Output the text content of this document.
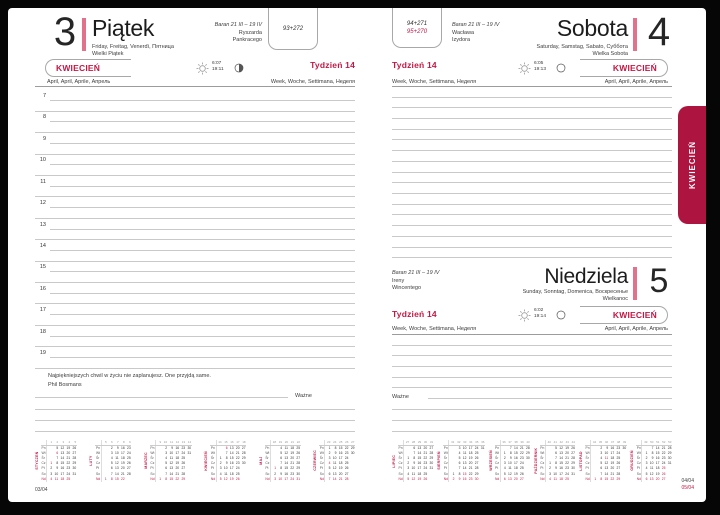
3 Piątek
Friday, Freitag, Venerdì, Пятница
Wielki Piątek
Baran 21 III – 19 IV
Ryszarda
Pankracego
93+272
KWIECIEŃ
April, April, Aprile, Апрель
6:07
19:11	Tydzień 14
Week, Woche, Settimana, Неделя
Najpiękniejszych chwil w życiu nie zaplanujesz. One przyjdą same.
Phil Bosmans
Ważne
STYCZEŃ
	1	2	3	4	5
Pn		5	12	19	26
Wt		6	13	20	27
Śr		7	14	21	28
Cz	1	8	15	22	29
Pt	2	9	16	23	30
So	3	10	17	24	31
Nd	4	11	18	25	
LUTY
	5	6	7	8	9
Pn		2	9	16	23
Wt		3	10	17	24
Śr		4	11	18	25
Cz		5	12	19	26
Pt		6	13	20	27
So		7	14	21	28
Nd	1	8	15	22	
MARZEC
	9	10	11	12	13	14
Pn		2	9	16	23	30
Wt		3	10	17	24	31
Śr		4	11	18	25	
Cz		5	12	19	26	
Pt		6	13	20	27	
So		7	14	21	28	
Nd	1	8	15	22	29	
KWIECIEŃ
	14	15	16	17	18
Pn		6	13	20	27
Wt		7	14	21	28
Śr	1	8	15	22	29
Cz	2	9	16	23	30
Pt	3	10	17	24	
So	4	11	18	25	
Nd	5	12	19	26	
MAJ
	18	19	20	21	22
Pn		4	11	18	25
Wt		5	12	19	26
Śr		6	13	20	27
Cz		7	14	21	28
Pt	1	8	15	22	29
So	2	9	16	23	30
Nd	3	10	17	24	31
CZERWIEC
	23	24	25	26	27
Pn	1	8	15	22	29
Wt	2	9	16	23	30
Śr	3	10	17	24	
Cz	4	11	18	25	
Pt	5	12	19	26	
So	6	13	20	27	
Nd	7	14	21	28	
03/04
94+271
95+270
Baran 21 III – 19 IV
Wacława
Izydora	Sobota
Saturday, Samstag, Sabato, Суббота
Wielka Sobota 4
Tydzień 14
Week, Woche, Settimana, Неделя
6:05
19:13	KWIECIEŃ
April, April, Aprile, Апрель
Baran 21 III – 19 IV
Ireny
Wincentego	Niedziela
Sunday, Sonntag, Domenica, Воскресенье
Wielkanoc 5
Tydzień 14
Week, Woche, Settimana, Неделя
6:02
19:14	KWIECIEŃ
April, April, Aprile, Апрель
Ważne
LIPIEC
	27	28	29	30	31
Pn		6	13	20	27
Wt		7	14	21	28
Śr	1	8	15	22	29
Cz	2	9	16	23	30
Pt	3	10	17	24	31
So	4	11	18	25	
Nd	5	12	19	26	
SIERPIEŃ
	31	32	33	34	35	36
Pn		3	10	17	24	31
Wt		4	11	18	25	
Śr		5	12	19	26	
Cz		6	13	20	27	
Pt		7	14	21	28	
So	1	8	15	22	29	
Nd	2	9	16	23	30	
WRZESIEŃ
	36	37	38	39	40
Pn		7	14	21	28
Wt	1	8	15	22	29
Śr	2	9	16	23	30
Cz	3	10	17	24	
Pt	4	11	18	25	
So	5	12	19	26	
Nd	6	13	20	27	
PAŹDZIERNIK
	40	41	42	43	44
Pn		5	12	19	26
Wt		6	13	20	27
Śr		7	14	21	28
Cz	1	8	15	22	29
Pt	2	9	16	23	30
So	3	10	17	24	31
Nd	4	11	18	25	
LISTOPAD
	44	45	46	47	48	49
Pn		2	9	16	23	30
Wt		3	10	17	24	
Śr		4	11	18	25	
Cz		5	12	19	26	
Pt		6	13	20	27	
So		7	14	21	28	
Nd	1	8	15	22	29	
GRUDZIEŃ
	49	50	51	52	53
Pn		7	14	21	28
Wt	1	8	15	22	29
Śr	2	9	16	23	30
Cz	3	10	17	24	31
Pt	4	11	18	25	
So	5	12	19	26	
Nd	6	13	20	27		04/04
05/04
KWIECIEŃ
7
8
9
10
11
12
13
14
15
16
17
18
19
